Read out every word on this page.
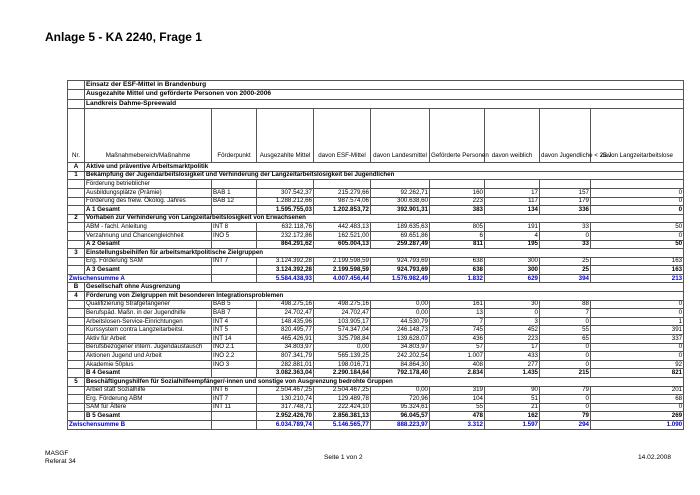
Anlage 5 - KA 2240, Frage 1
	Einsatz der ESF-Mittel in Brandenburg								
	Ausgezahlte Mittel und geförderte Personen von 2000-2006								
	Landkreis Dahme-Spreewald								
Nr.	Maßnahmebereich/Maßnahme	Förderpunkt	Ausgezahlte Mittel	davon ESF-Mittel	davon Landesmittel	Geförderte Personen	davon weiblich	davon Jugendliche < 25 J.	davon Langzeitarbeitslose
A	Aktive und präventive Arbeitsmarktpolitik								
1	Bekämpfung der Jugendarbeitslosigkeit und Verhinderung der Langzeitarbeitslosigkeit bei Jugendlichen								
	Förderung betrieblicher								
	Ausbildungsplätze (Prämie)	BAB 1	307.542,37	215.279,66	92.262,71	160	17	157	0
	Förderung des freiw. Ökolog. Jahres	BAB 12	1.288.212,66	987.574,06	300.638,60	223	117	179	0
	A 1 Gesamt		1.595.755,03	1.202.853,72	392.901,31	383	134	336	0
2	Vorhaben zur Verhinderung von Langzeitarbeitslosigkeit von Erwachsenen								
	ABM - fachl. Anleitung	INT 8	632.118,76	442.483,13	189.635,63	805	191	33	50
	Verzahnung und Chancengleichheit	INO 5	232.172,86	162.521,00	69.651,86	6	4	0	0
	A 2 Gesamt		864.291,62	605.004,13	259.287,49	811	195	33	50
3	Einstellungsbeihilfen für arbeitsmarktpolitische Zielgruppen								
	Erg. Förderung SAM	INT 7	3.124.392,28	2.199.598,59	924.793,69	638	300	25	163
	A 3 Gesamt		3.124.392,28	2.199.598,59	924.793,69	638	300	25	163
Zwischensumme A			5.584.438,93	4.007.456,44	1.576.982,49	1.832	629	394	213
B	Gesellschaft ohne Ausgrenzung								
4	Förderung von Zielgruppen mit besonderen Integrationsproblemen								
	Qualifizierung Strafgefangener	BAB 5	498.275,16	498.275,16	0,00	161	30	88	0
	Berufspäd. Maßn. in der Jugendhilfe	BAB 7	24.702,47	24.702,47	0,00	13	0	7	0
	Arbeitslosen-Service-Einrichtungen	INT 4	148.435,96	103.905,17	44.530,79	7	3	0	1
	Kurssystem contra Langzeitarbeitsl.	INT 5	820.495,77	574.347,04	246.148,73	745	452	55	391
	Aktiv für Arbeit	INT 14	465.426,91	325.798,84	139.628,07	436	223	65	337
	Berufsbezogener intern. Jugendaustausch	INO 2.1	34.803,97	0,00	34.803,97	57	17	0	0
	Aktionen Jugend und Arbeit	INO 2.2	807.341,79	565.139,25	242.202,54	1.007	433	0	0
	Akademie 50plus	INO 3	282.881,01	198.016,71	84.864,30	408	277	0	92
	B 4 Gesamt		3.082.363,04	2.290.184,64	792.178,40	2.834	1.435	215	821
5	Beschäftigungshilfen für Sozialhilfeempfänger/-innen und sonstige von Ausgrenzung bedrohte Gruppen								
	Arbeit statt Sozialhilfe	INT 6	2.504.467,25	2.504.467,25	0,00	319	90	79	201
	Erg. Förderung ABM	INT 7	130.210,74	129.489,78	720,96	104	51	0	68
	SAM für Ältere	INT 11	317.748,71	222.424,10	95.324,61	55	21	0	0
	B 5 Gesamt		2.952.426,70	2.856.381,13	96.045,57	478	162	79	269
Zwischensumme B			6.034.789,74	5.146.565,77	888.223,97	3.312	1.597	294	1.090
MASGF
Referat 34
Seite 1 von 2	14.02.2008
